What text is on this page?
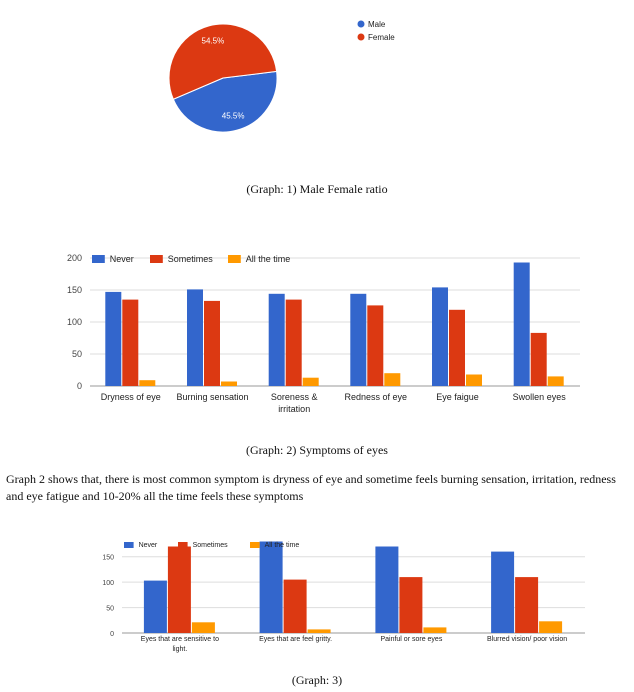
45.5%
54.5%
Male
Female
(Graph: 1) Male Female ratio
0
50
100
150
200
Dryness of eye Burning sensation Soreness &
irritation
Redness of eye	Eye faigue	Swollen eyes
Never	Sometimes	All the time
(Graph: 2) Symptoms of eyes
Graph 2 shows that, there is most common symptom is dryness of eye and sometime feels burning sensation, irritation, redness and eye fatigue and 10-20% all the time feels these symptoms
0
50
100
150
Eyes that are sensitive to
light.
Eyes that are feel gritty.	Painful or sore eyes	Blurred vision/ poor vision
Never	Sometimes	All the time
(Graph: 3)
